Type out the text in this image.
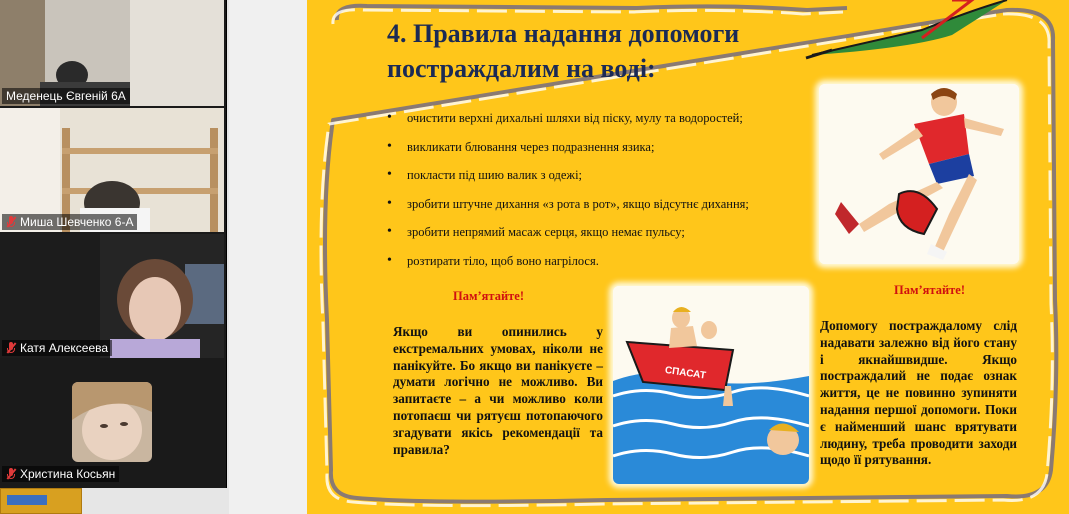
Меденець Євгеній 6А
Миша Шевченко 6-А
Катя Алексеева
Христина Косьян
4. Правила надання допомоги постраждалим на воді:
• очистити верхні дихальні шляхи від піску, мулу та водоростей;
• викликати блювання через подразнення язика;
• покласти під шию валик з одежі;
• зробити штучне дихання «з рота в рот», якщо відсутнє дихання;
• зробити непрямий масаж серця, якщо немає пульсу;
• розтирати тіло, щоб воно нагрілося.
Пам’ятайте!	Пам’ятайте!
Якщо ви опинились у екстремальних умовах, ніколи не панікуйте. Бо якщо ви панікуєте – думати логічно не можливо. Ви запитаєте – а чи можливо коли потопаєш чи рятуєш потопаючого згадувати якісь рекомендації та правила?
СПАСАТ
Допомогу постраждалому слід надавати залежно від його стану і якнайшвидше. Якщо постраждалий не подає ознак життя, це не повинно зупиняти надання першої допомоги. Поки є найменший шанс врятувати людину, треба проводити заходи щодо її рятування.
